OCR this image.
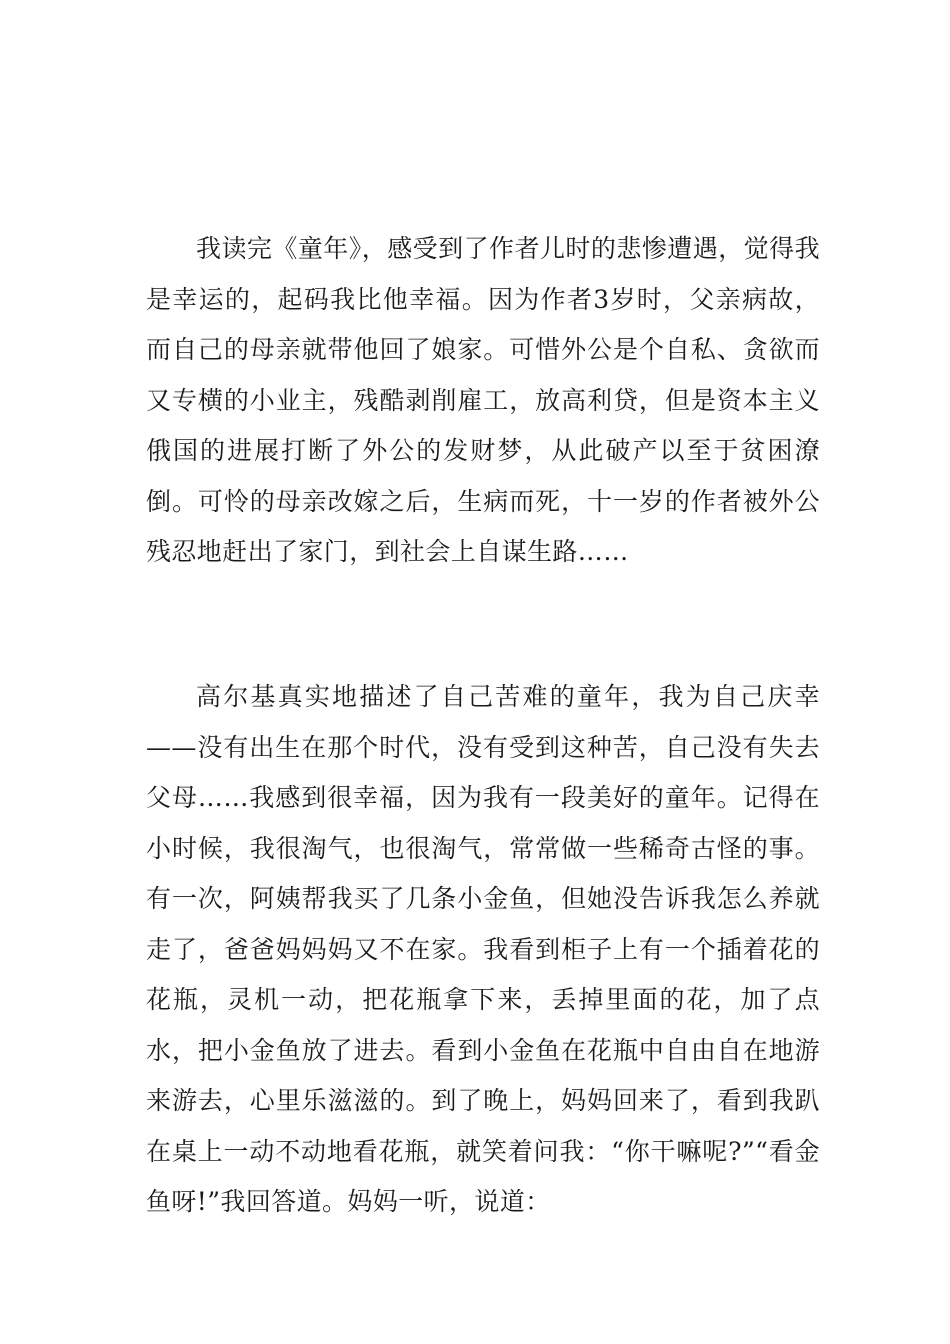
我读完《童年》，感受到了作者儿时的悲惨遭遇，觉得我是幸运的，起码我比他幸福。因为作者3岁时，父亲病故，而自己的母亲就带他回了娘家。可惜外公是个自私、贪欲而又专横的小业主，残酷剥削雇工，放高利贷，但是资本主义俄国的进展打断了外公的发财梦，从此破产以至于贫困潦倒。可怜的母亲改嫁之后，生病而死，十一岁的作者被外公残忍地赶出了家门，到社会上自谋生路……

高尔基真实地描述了自己苦难的童年，我为自己庆幸——没有出生在那个时代，没有受到这种苦，自己没有失去父母……我感到很幸福，因为我有一段美好的童年。记得在小时候，我很淘气，也很淘气，常常做一些稀奇古怪的事。有一次，阿姨帮我买了几条小金鱼，但她没告诉我怎么养就走了，爸爸妈妈妈又不在家。我看到柜子上有一个插着花的花瓶，灵机一动，把花瓶拿下来，丢掉里面的花，加了点水，把小金鱼放了进去。看到小金鱼在花瓶中自由自在地游来游去，心里乐滋滋的。到了晚上，妈妈回来了，看到我趴在桌上一动不动地看花瓶，就笑着问我：“你干嘛呢?”“看金鱼呀!”我回答道。妈妈一听，说道：
